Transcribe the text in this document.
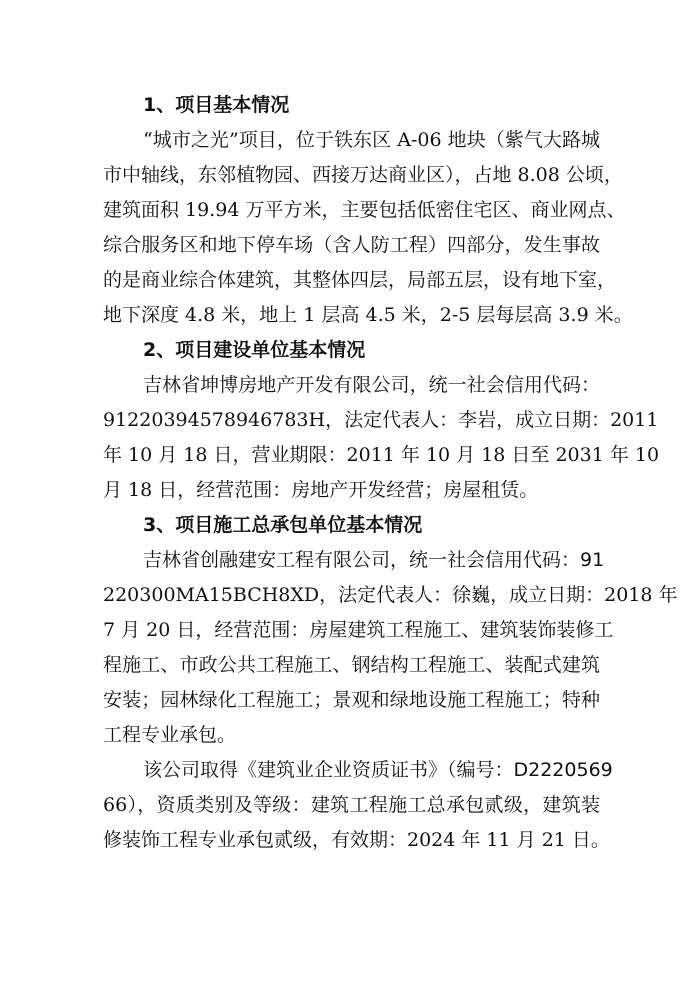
1、项目基本情况
“城市之光”项目，位于铁东区 A-06 地块（紫气大路城
市中轴线，东邻植物园、西接万达商业区），占地 8.08 公顷，
建筑面积 19.94 万平方米，主要包括低密住宅区、商业网点、
综合服务区和地下停车场（含人防工程）四部分，发生事故
的是商业综合体建筑，其整体四层，局部五层，设有地下室，
地下深度 4.8 米，地上 1 层高 4.5 米，2-5 层每层高 3.9 米。
2、项目建设单位基本情况
吉林省坤博房地产开发有限公司，统一社会信用代码：
91220394578946783H，法定代表人：李岩，成立日期：2011
年 10 月 18 日，营业期限：2011 年 10 月 18 日至 2031 年 10
月 18 日，经营范围：房地产开发经营；房屋租赁。
3、项目施工总承包单位基本情况
吉林省创融建安工程有限公司，统一社会信用代码：91
220300MA15BCH8XD，法定代表人：徐巍，成立日期：2018 年
7 月 20 日，经营范围：房屋建筑工程施工、建筑装饰装修工
程施工、市政公共工程施工、钢结构工程施工、装配式建筑
安装；园林绿化工程施工；景观和绿地设施工程施工；特种
工程专业承包。
该公司取得《建筑业企业资质证书》（编号：D2220569
66），资质类别及等级：建筑工程施工总承包贰级，建筑装
修装饰工程专业承包贰级，有效期：2024 年 11 月 21 日。
